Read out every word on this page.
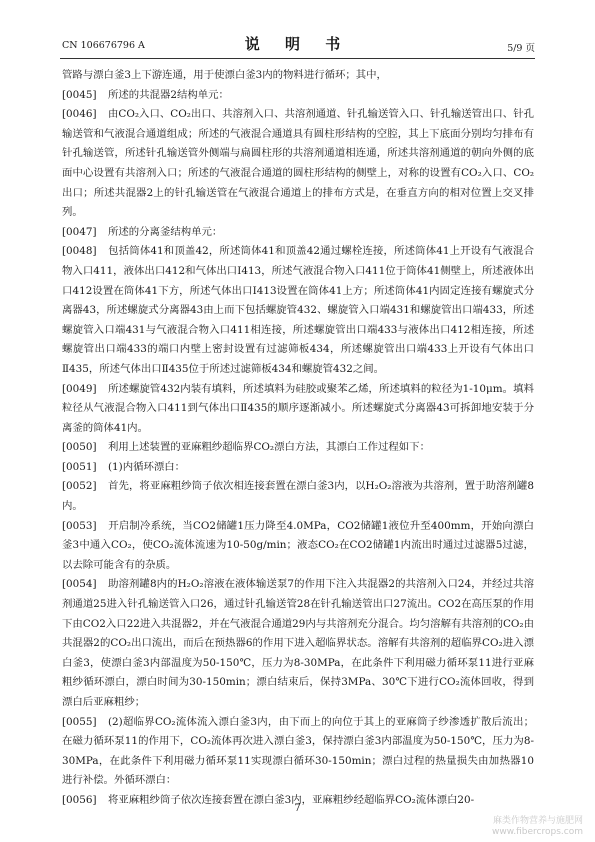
CN 106676796 A	说 明 书	5/9 页

管路与漂白釜3上下游连通，用于使漂白釜3内的物料进行循环；其中，

[0045] 所述的共混器2结构单元：

[0046] 由CO₂入口、CO₂出口、共溶剂入口、共溶剂通道、针孔输送管入口、针孔输送管出口、针孔输送管和气液混合通道组成；所述的气液混合通道具有圆柱形结构的空腔，其上下底面分别均匀排布有针孔输送管，所述针孔输送管外侧端与扁圆柱形的共溶剂通道相连通，所述共溶剂通道的朝向外侧的底面中心设置有共溶剂入口；所述的气液混合通道的圆柱形结构的侧壁上，对称的设置有CO₂入口、CO₂出口；所述共混器2上的针孔输送管在气液混合通道上的排布方式是，在垂直方向的相对位置上交叉排列。

[0047] 所述的分离釜结构单元：

[0048] 包括筒体41和顶盖42，所述筒体41和顶盖42通过螺栓连接，所述筒体41上开设有气液混合物入口411，液体出口412和气体出口I413，所述气液混合物入口411位于筒体41侧壁上，所述液体出口412设置在筒体41下方，所述气体出口I413设置在筒体41上方；所述筒体41内固定连接有螺旋式分离器43，所述螺旋式分离器43由上而下包括螺旋管432、螺旋管入口端431和螺旋管出口端433，所述螺旋管入口端431与气液混合物入口411相连接，所述螺旋管出口端433与液体出口412相连接，所述螺旋管出口端433的端口内壁上密封设置有过滤筛板434，所述螺旋管出口端433上开设有气体出口Ⅱ435，所述气体出口Ⅱ435位于所述过滤筛板434和螺旋管432之间。

[0049] 所述螺旋管432内装有填料，所述填料为硅胶或聚苯乙烯，所述填料的粒径为1-10μm。填料粒径从气液混合物入口411到气体出口Ⅱ435的顺序逐渐减小。所述螺旋式分离器43可拆卸地安装于分离釜的筒体41内。

[0050] 利用上述装置的亚麻粗纱超临界CO₂漂白方法，其漂白工作过程如下：

[0051] (1)内循环漂白：

[0052] 首先，将亚麻粗纱筒子依次相连接套置在漂白釜3内，以H₂O₂溶液为共溶剂，置于助溶剂罐8内。

[0053] 开启制冷系统，当CO2储罐1压力降至4.0MPa，CO2储罐1液位升至400mm，开始向漂白釜3中通入CO₂，使CO₂流体流速为10-50g/min；液态CO₂在CO2储罐1内流出时通过过滤器5过滤，以去除可能含有的杂质。

[0054] 助溶剂罐8内的H₂O₂溶液在液体输送泵7的作用下注入共混器2的共溶剂入口24，并经过共溶剂通道25进入针孔输送管入口26，通过针孔输送管28在针孔输送管出口27流出。CO2在高压泵的作用下由CO2入口22进入共混器2，并在气液混合通道29内与共溶剂充分混合。均匀溶解有共溶剂的CO₂由共混器2的CO₂出口流出，而后在预热器6的作用下进入超临界状态。溶解有共溶剂的超临界CO₂进入漂白釜3，使漂白釜3内部温度为50-150℃，压力为8-30MPa，在此条件下利用磁力循环泵11进行亚麻粗纱循环漂白，漂白时间为30-150min；漂白结束后，保持3MPa、30℃下进行CO₂流体回收，得到漂白后亚麻粗纱；

[0055] (2)超临界CO₂流体流入漂白釜3内，由下而上的向位于其上的亚麻筒子纱渗透扩散后流出；在磁力循环泵11的作用下，CO₂流体再次进入漂白釜3，保持漂白釜3内部温度为50-150℃，压力为8-30MPa，在此条件下利用磁力循环泵11实现漂白循环30-150min；漂白过程的热量损失由加热器10进行补偿。外循环漂白：

[0056] 将亚麻粗纱筒子依次连接套置在漂白釜3内，亚麻粗纱经超临界CO₂流体漂白20-

7
麻类作物营养与施肥网
www.fibercrops.com
